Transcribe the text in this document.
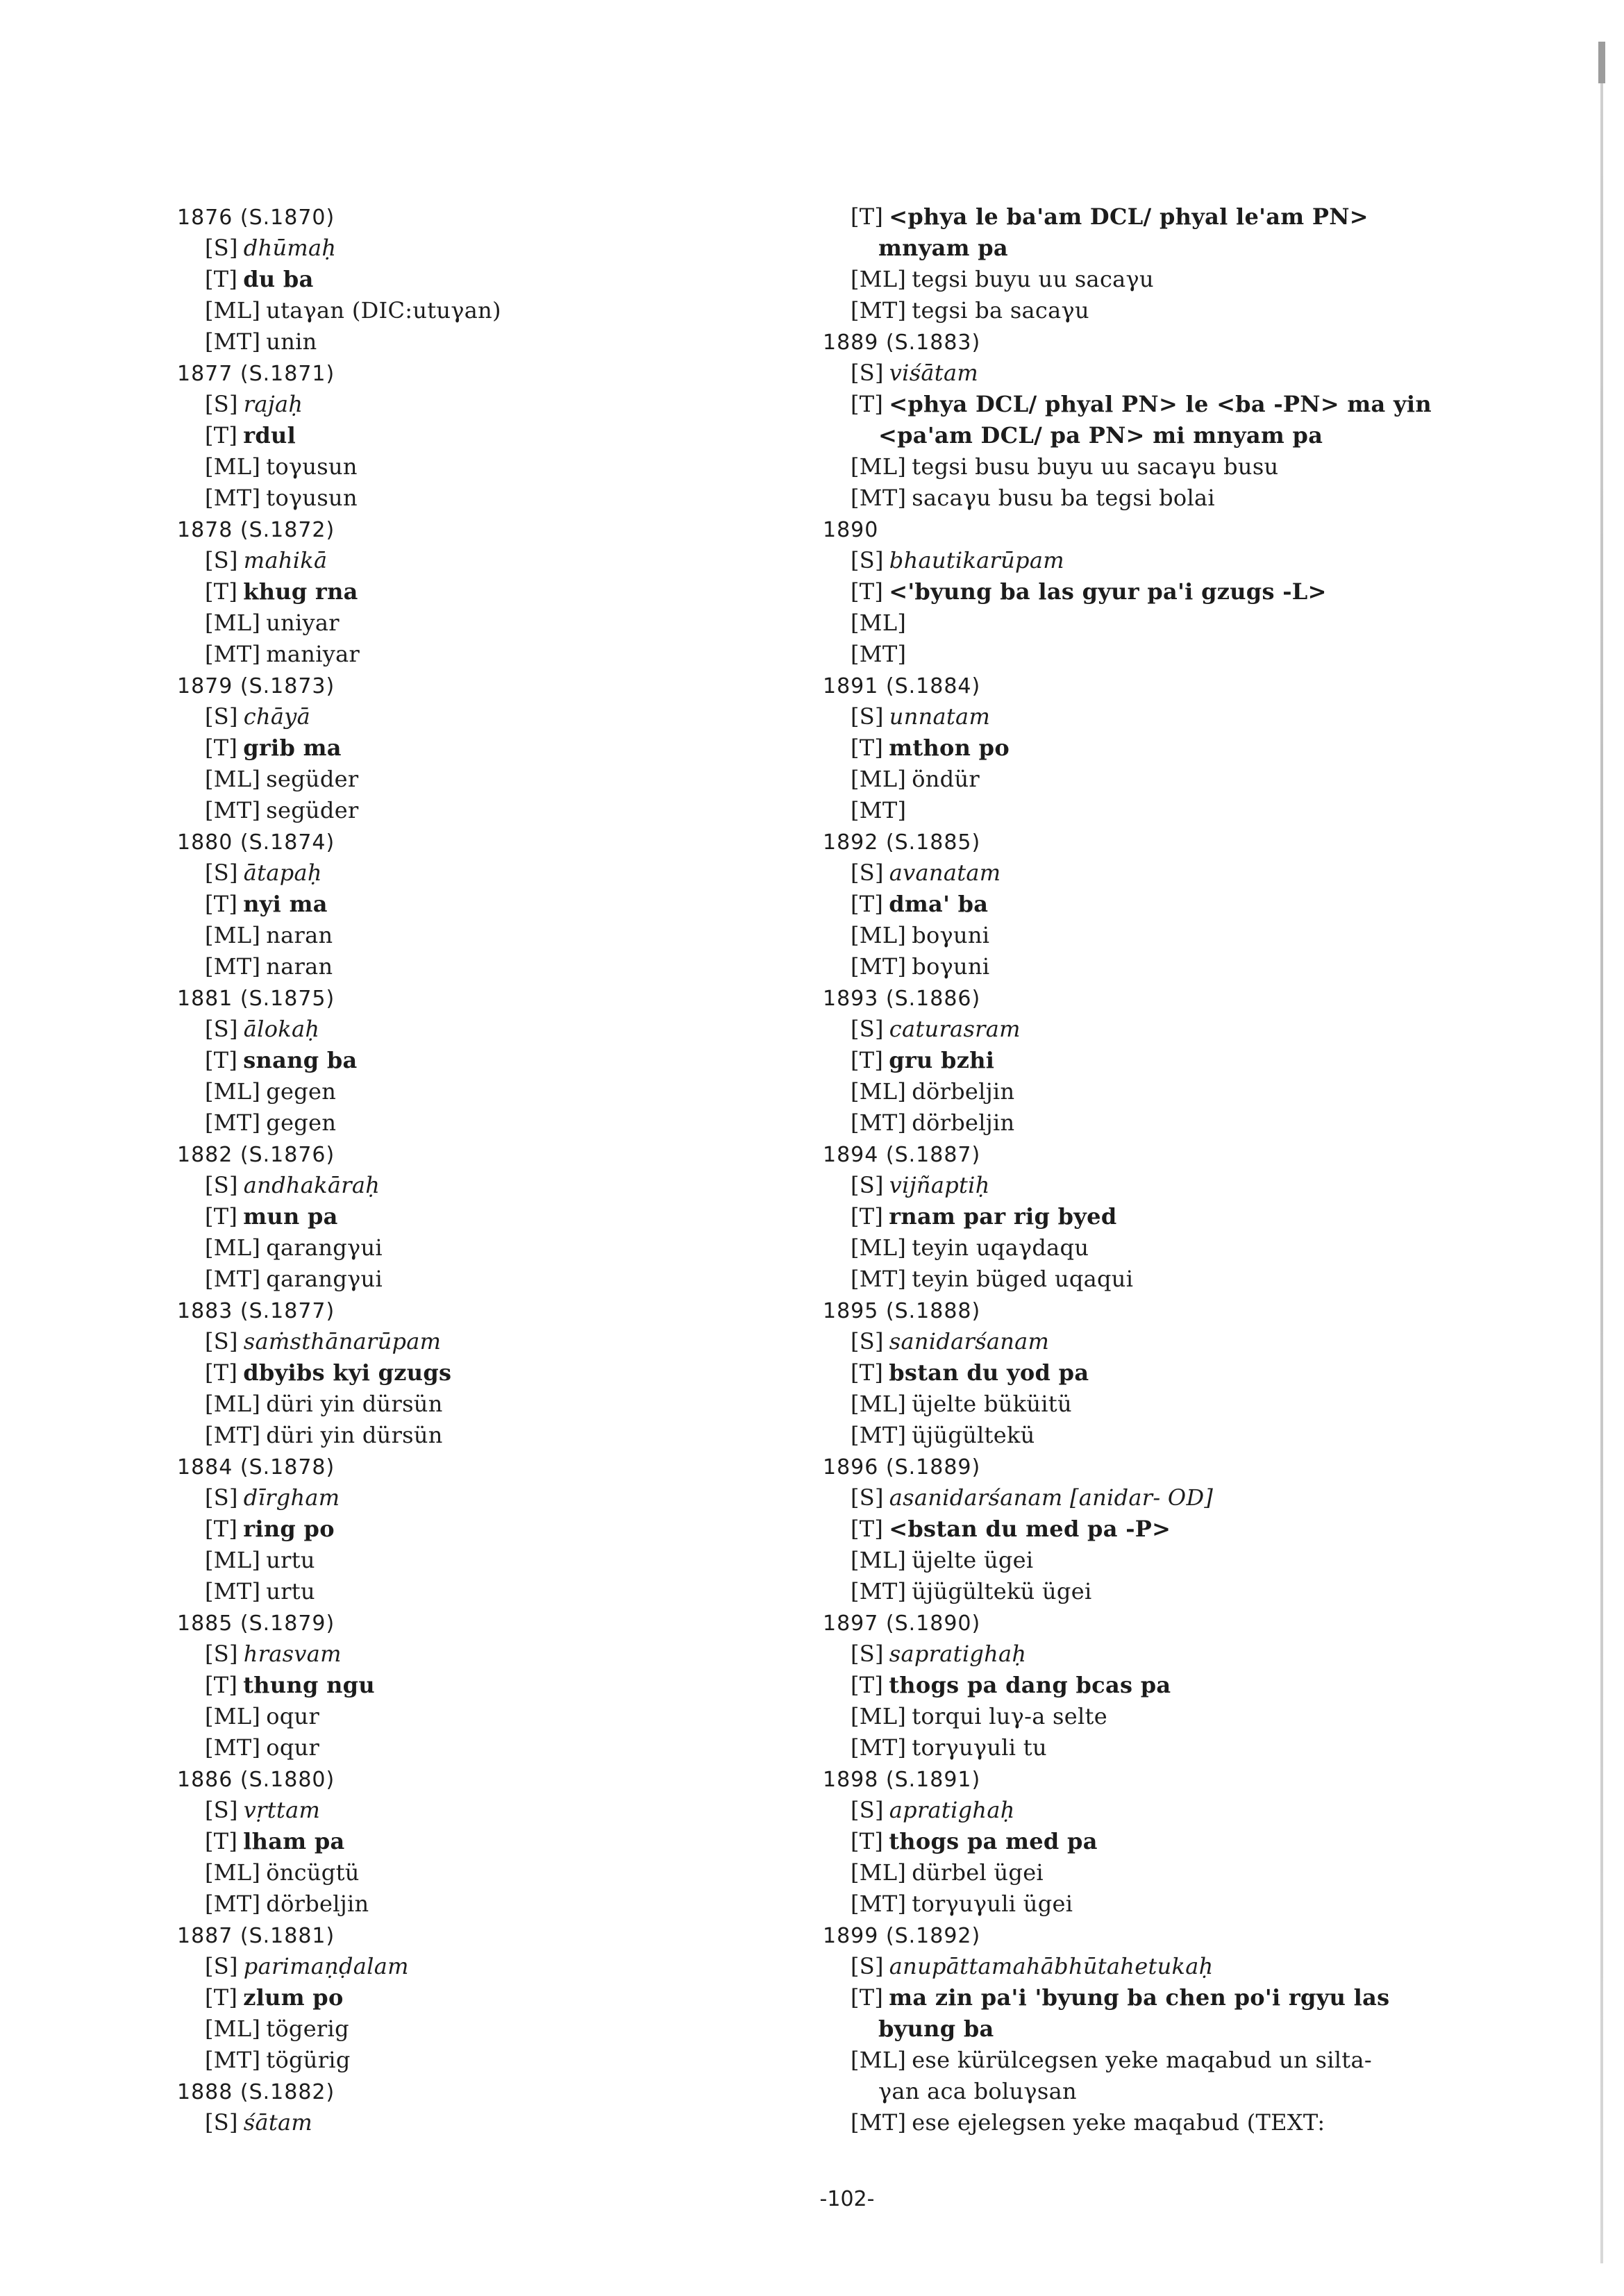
1876 (S.1870)
[S] dhūmaḥ
[T] du ba
[ML] utaγan (DIC:utuγan)
[MT] unin
1877 (S.1871)
[S] rajaḥ
[T] rdul
[ML] toγusun
[MT] toγusun
1878 (S.1872)
[S] mahikā
[T] khug rna
[ML] uniyar
[MT] maniyar
1879 (S.1873)
[S] chāyā
[T] grib ma
[ML] següder
[MT] següder
1880 (S.1874)
[S] ātapaḥ
[T] nyi ma
[ML] naran
[MT] naran
1881 (S.1875)
[S] ālokaḥ
[T] snang ba
[ML] gegen
[MT] gegen
1882 (S.1876)
[S] andhakāraḥ
[T] mun pa
[ML] qarangγui
[MT] qarangγui
1883 (S.1877)
[S] saṁsthānarūpam
[T] dbyibs kyi gzugs
[ML] düri yin dürsün
[MT] düri yin dürsün
1884 (S.1878)
[S] dīrgham
[T] ring po
[ML] urtu
[MT] urtu
1885 (S.1879)
[S] hrasvam
[T] thung ngu
[ML] oqur
[MT] oqur
1886 (S.1880)
[S] vṛttam
[T] lham pa
[ML] öncügtü
[MT] dörbeljin
1887 (S.1881)
[S] parimaṇḍalam
[T] zlum po
[ML] tögerig
[MT] tögürig
1888 (S.1882)
[S] śātam
[T] <phya le ba'am DCL/ phyal le'am PN>
mnyam pa
[ML] tegsi buyu uu sacaγu
[MT] tegsi ba sacaγu
1889 (S.1883)
[S] viśātam
[T] <phya DCL/ phyal PN> le <ba -PN> ma yin
<pa'am DCL/ pa PN> mi mnyam pa
[ML] tegsi busu buyu uu sacaγu busu
[MT] sacaγu busu ba tegsi bolai
1890
[S] bhautikarūpam
[T] <'byung ba las gyur pa'i gzugs -L>
[ML]
[MT]
1891 (S.1884)
[S] unnatam
[T] mthon po
[ML] öndür
[MT]
1892 (S.1885)
[S] avanatam
[T] dma' ba
[ML] boγuni
[MT] boγuni
1893 (S.1886)
[S] caturasram
[T] gru bzhi
[ML] dörbeljin
[MT] dörbeljin
1894 (S.1887)
[S] vijñaptiḥ
[T] rnam par rig byed
[ML] teyin uqaγdaqu
[MT] teyin büged uqaqui
1895 (S.1888)
[S] sanidarśanam
[T] bstan du yod pa
[ML] üjelte büküitü
[MT] üjügültekü
1896 (S.1889)
[S] asanidarśanam [anidar- OD]
[T] <bstan du med pa -P>
[ML] üjelte ügei
[MT] üjügültekü ügei
1897 (S.1890)
[S] sapratighaḥ
[T] thogs pa dang bcas pa
[ML] torqui luγ-a selte
[MT] torγuγuli tu
1898 (S.1891)
[S] apratighaḥ
[T] thogs pa med pa
[ML] dürbel ügei
[MT] torγuγuli ügei
1899 (S.1892)
[S] anupāttamahābhūtahetukaḥ
[T] ma zin pa'i 'byung ba chen po'i rgyu las
byung ba
[ML] ese kürülcegsen yeke maqabud un silta-
γan aca boluγsan
[MT] ese ejelegsen yeke maqabud (TEXT:
-102-
